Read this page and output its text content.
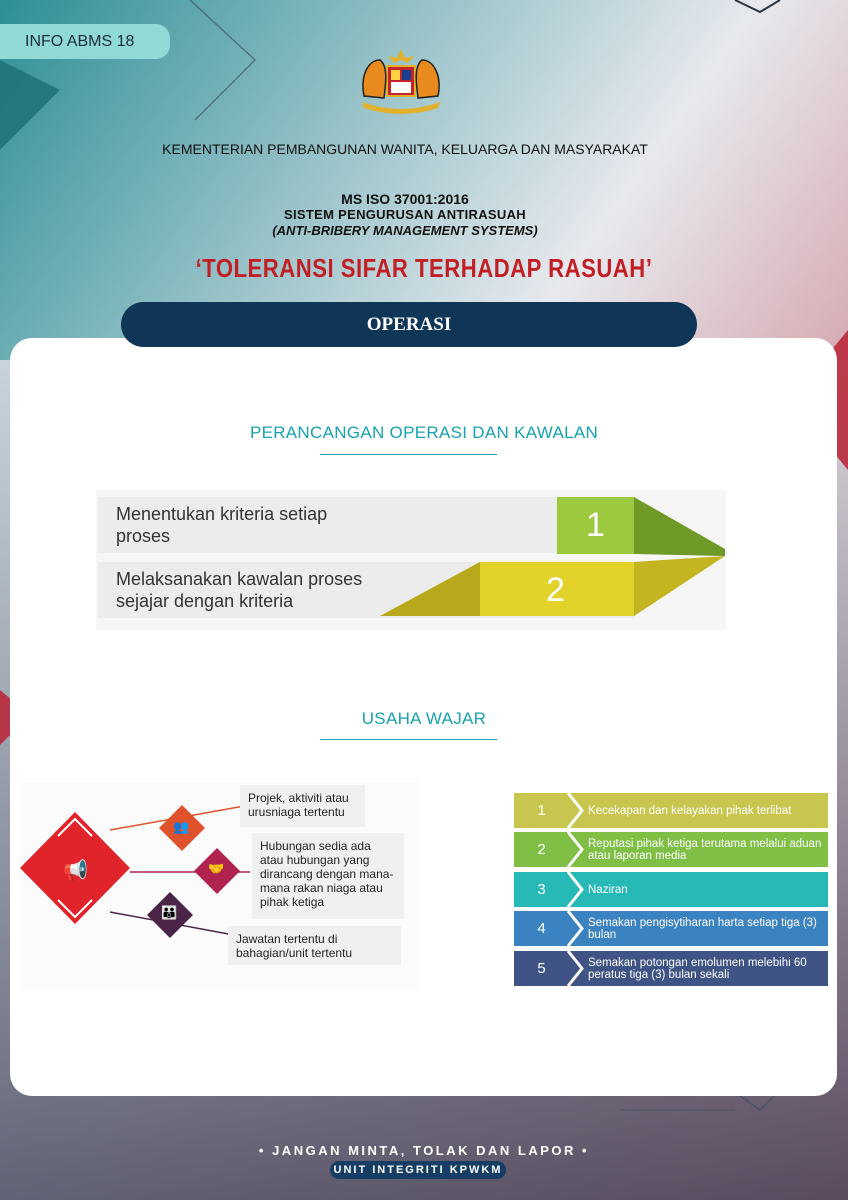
INFO ABMS 18
KEMENTERIAN PEMBANGUNAN WANITA, KELUARGA DAN MASYARAKAT
MS ISO 37001:2016
SISTEM PENGURUSAN ANTIRASUAH
(ANTI-BRIBERY MANAGEMENT SYSTEMS)
‘TOLERANSI SIFAR TERHADAP RASUAH’
OPERASI
PERANCANGAN OPERASI DAN KAWALAN
Menentukan kriteria setiap proses
Melaksanakan kawalan proses sejajar dengan kriteria
1
2
USAHA WAJAR
📢
👥
🤝
👪
Projek, aktiviti atau urusniaga tertentu
Hubungan sedia ada atau hubungan yang dirancang dengan mana-mana rakan niaga atau pihak ketiga
Jawatan tertentu di bahagian/unit tertentu
1	Kecekapan dan kelayakan pihak terlibat
2	Reputasi pihak ketiga terutama melalui aduan atau laporan media
3	Naziran
4	Semakan pengisytiharan harta setiap tiga (3) bulan
5	Semakan potongan emolumen melebihi 60 peratus tiga (3) bulan sekali
• JANGAN MINTA, TOLAK DAN LAPOR •
UNIT INTEGRITI KPWKM
